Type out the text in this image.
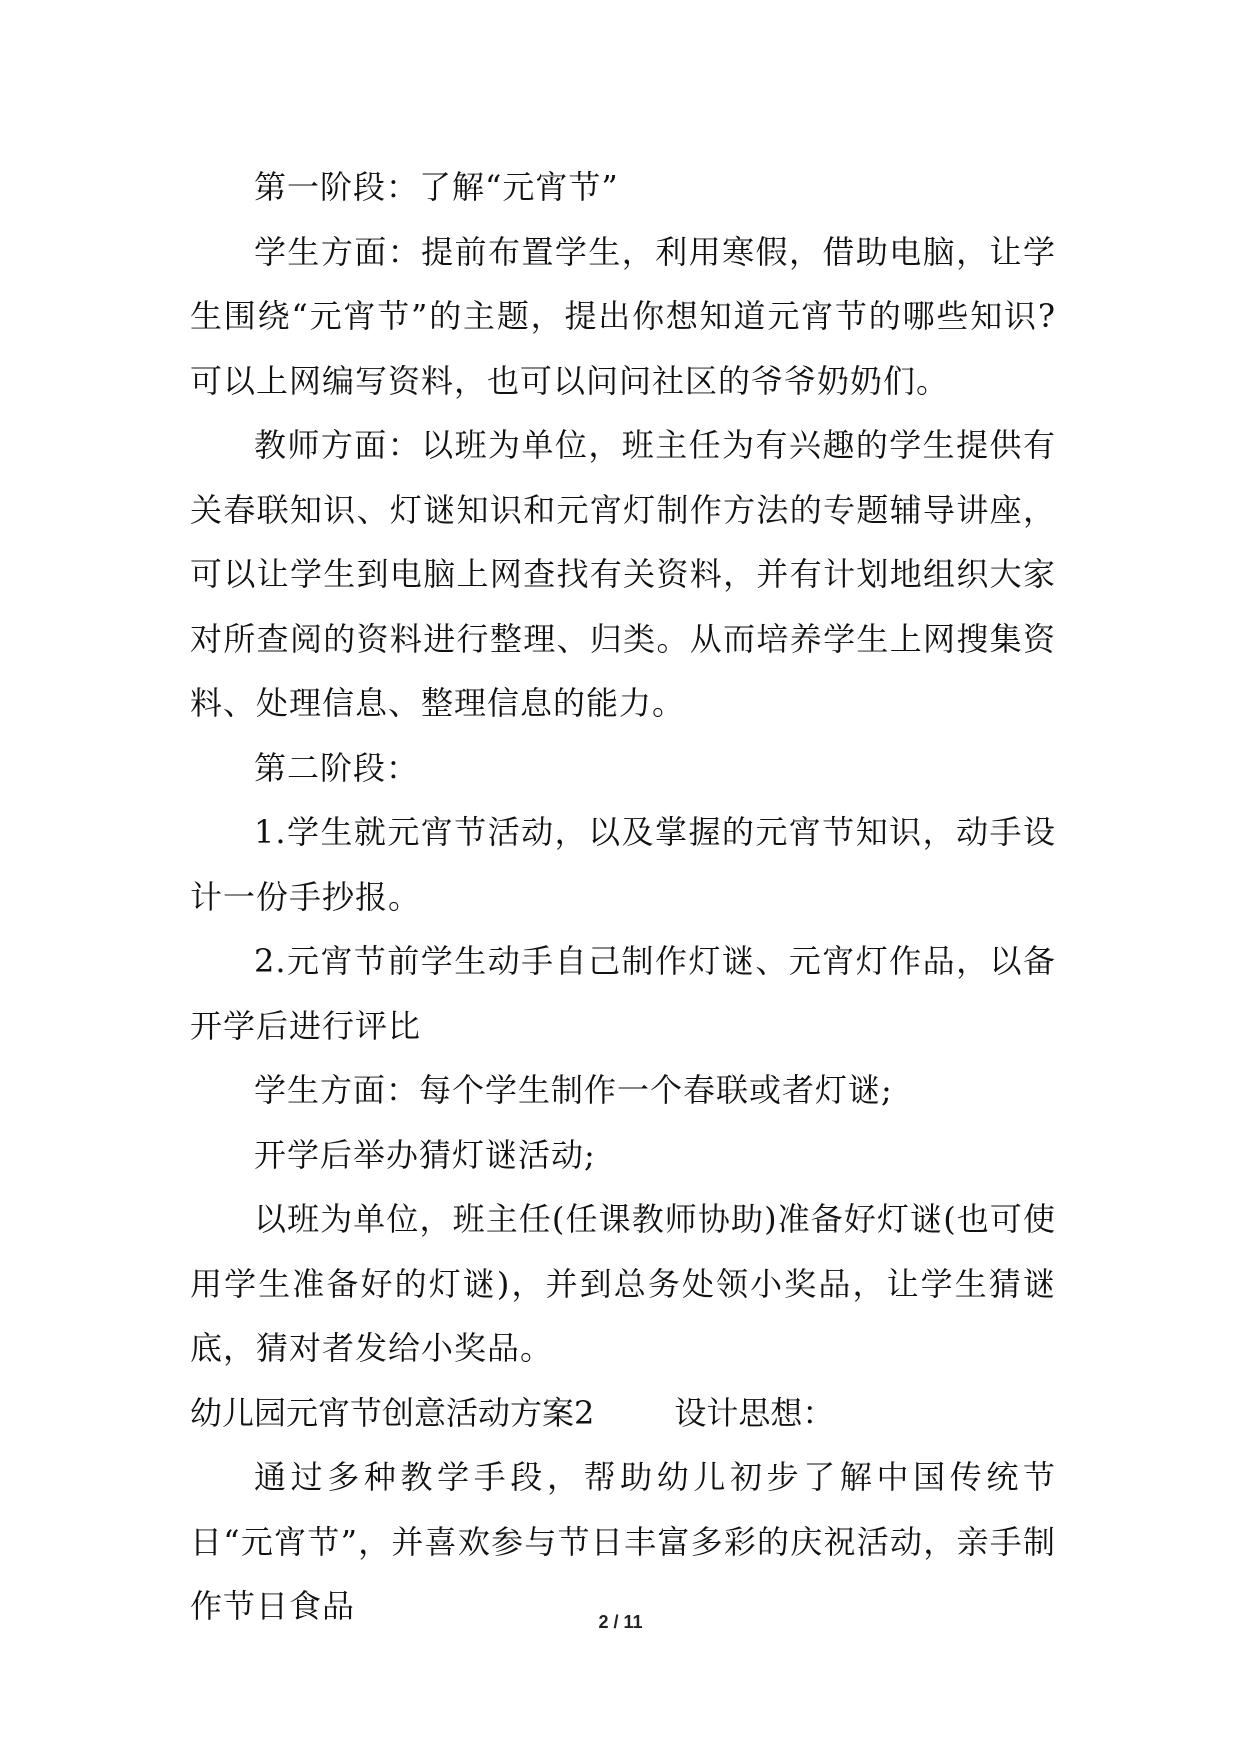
第一阶段：了解“元宵节”

学生方面：提前布置学生，利用寒假，借助电脑，让学生围绕“元宵节”的主题，提出你想知道元宵节的哪些知识?可以上网编写资料，也可以问问社区的爷爷奶奶们。

教师方面：以班为单位，班主任为有兴趣的学生提供有关春联知识、灯谜知识和元宵灯制作方法的专题辅导讲座，可以让学生到电脑上网查找有关资料，并有计划地组织大家对所查阅的资料进行整理、归类。从而培养学生上网搜集资料、处理信息、整理信息的能力。

第二阶段：

1.学生就元宵节活动，以及掌握的元宵节知识，动手设计一份手抄报。

2.元宵节前学生动手自己制作灯谜、元宵灯作品，以备开学后进行评比

学生方面：每个学生制作一个春联或者灯谜;

开学后举办猜灯谜活动;

以班为单位，班主任(任课教师协助)准备好灯谜(也可使用学生准备好的灯谜)，并到总务处领小奖品，让学生猜谜底，猜对者发给小奖品。

幼儿园元宵节创意活动方案2	设计思想：

通过多种教学手段，帮助幼儿初步了解中国传统节日“元宵节”，并喜欢参与节日丰富多彩的庆祝活动，亲手制作节日食品	2 / 11
